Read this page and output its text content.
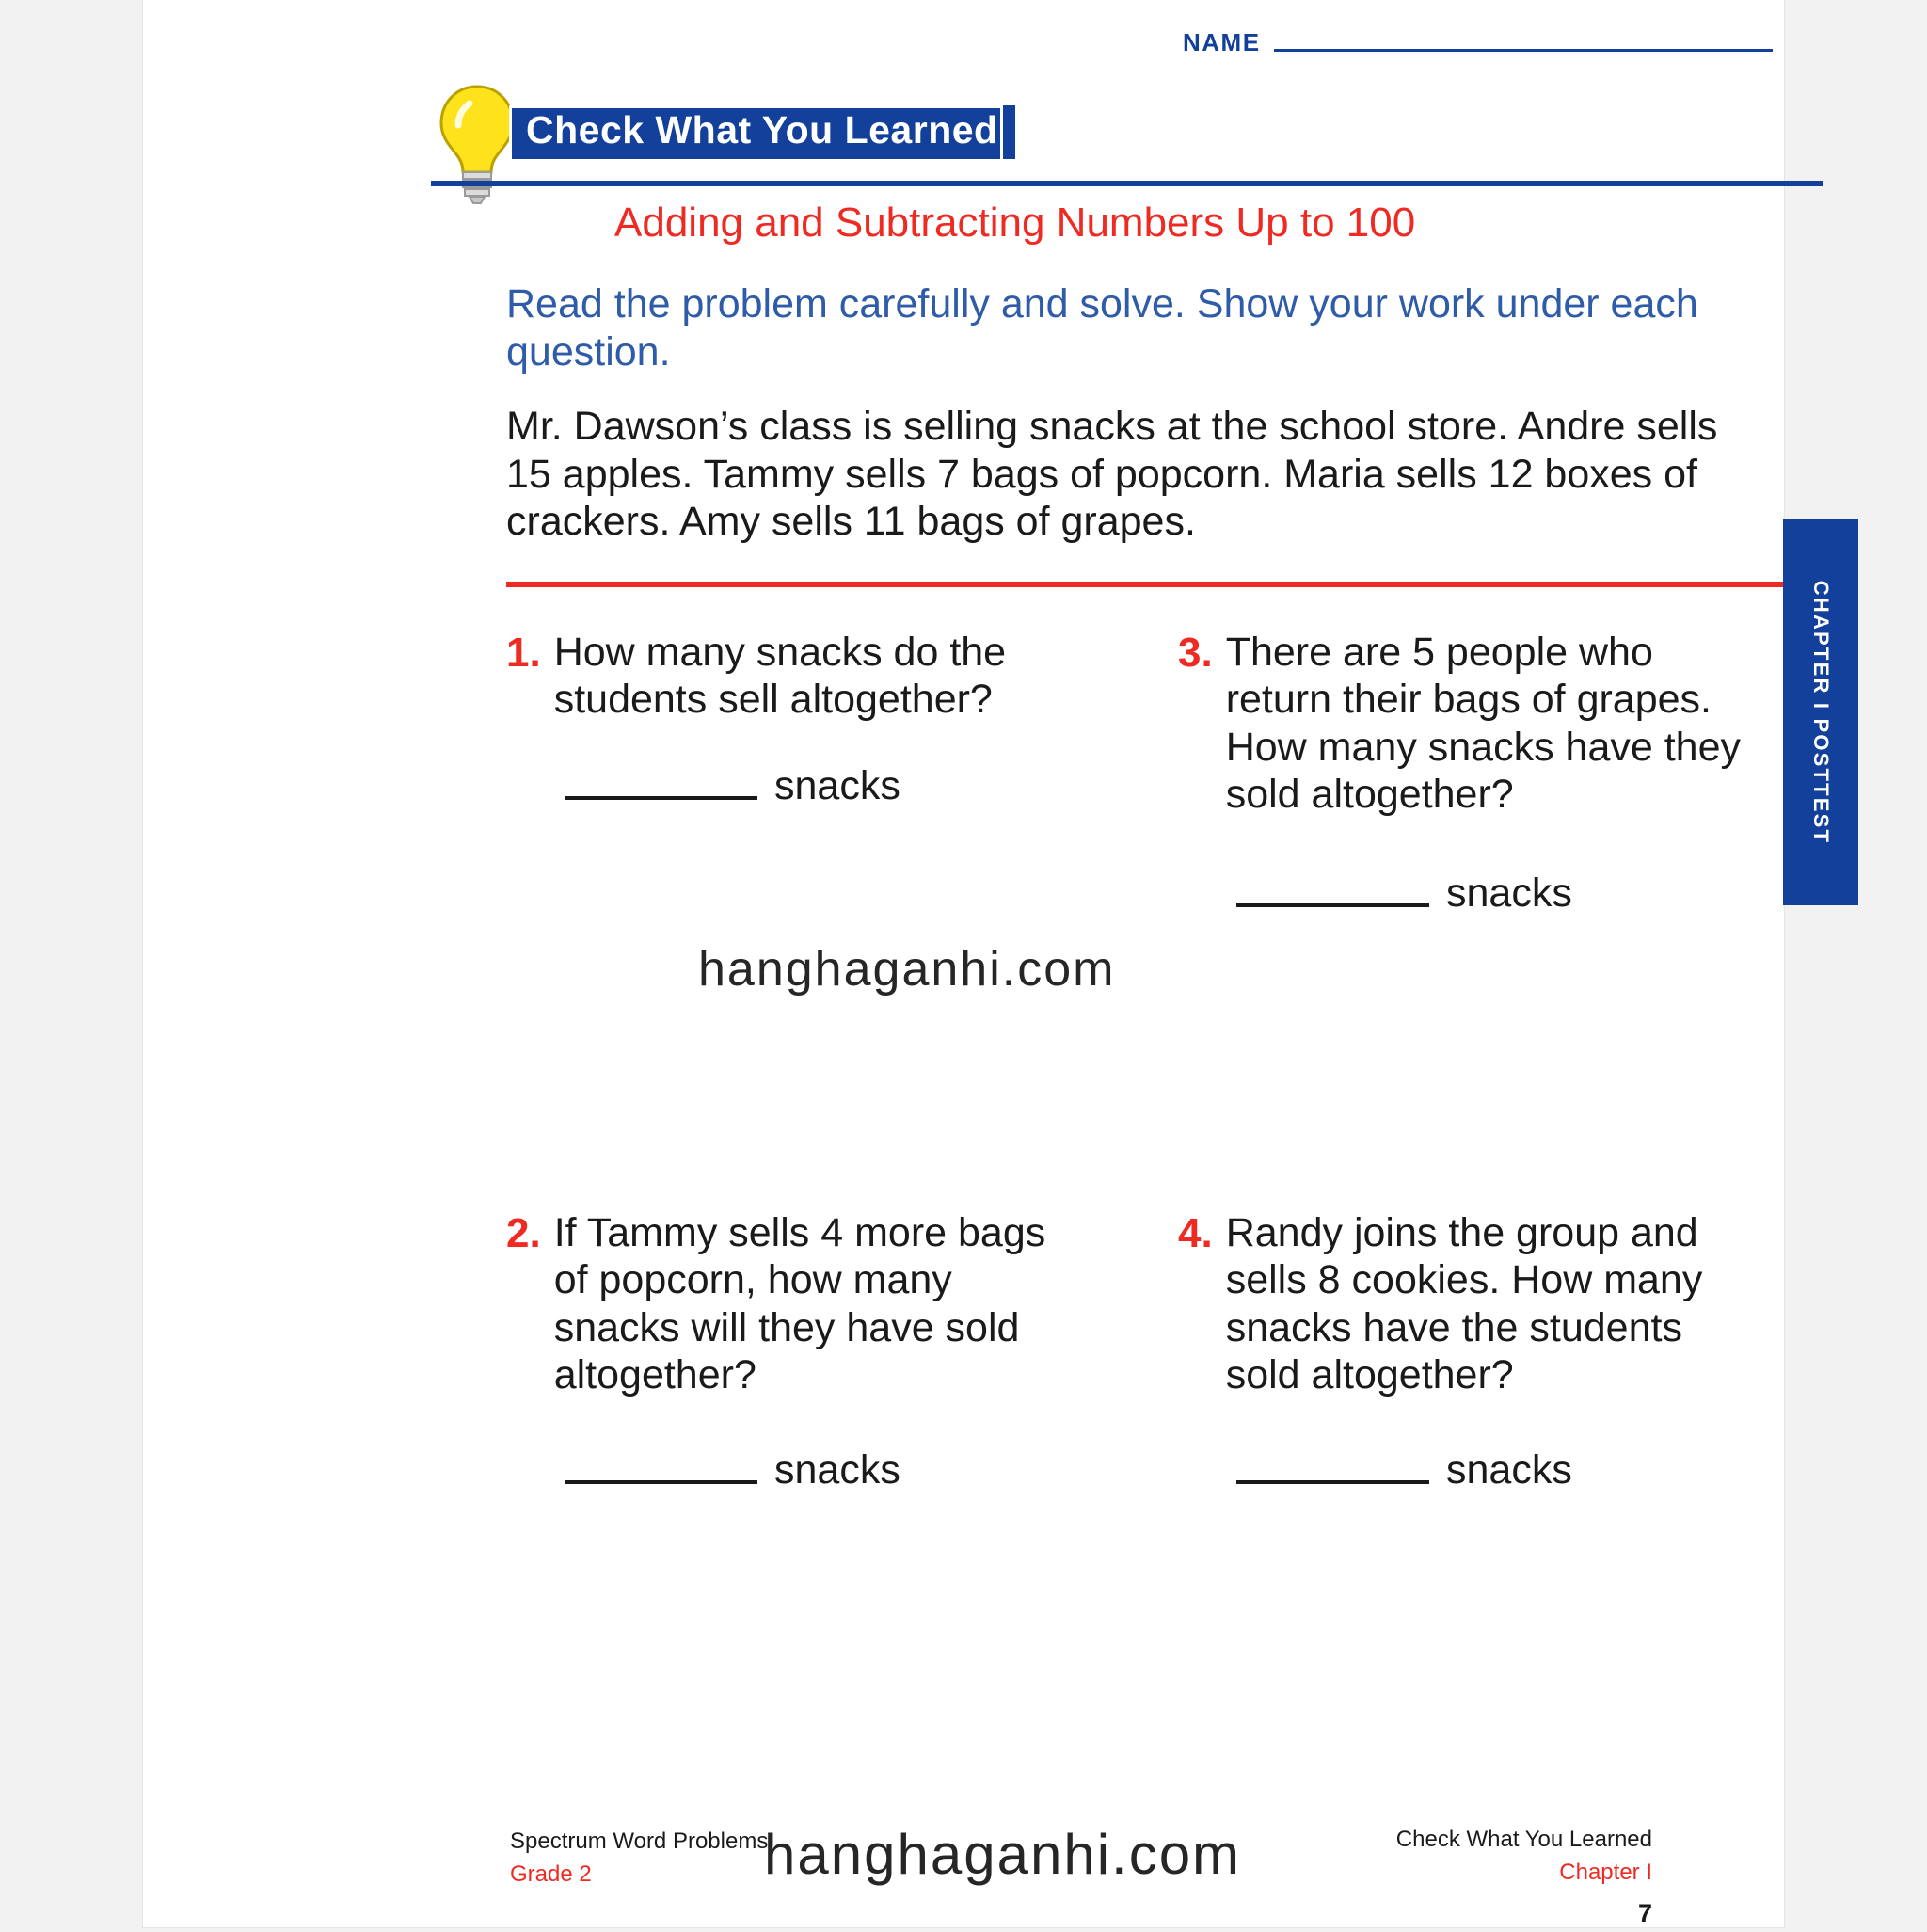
NAME
Check What You Learned
Adding and Subtracting Numbers Up to 100
Read the problem carefully and solve. Show your work under each question.
Mr. Dawson’s class is selling snacks at the school store. Andre sells 15 apples. Tammy sells 7 bags of popcorn. Maria sells 12 boxes of crackers. Amy sells 11 bags of grapes.
CHAPTER I POSTTEST
1. How many snacks do the students sell altogether?
snacks
2. If Tammy sells 4 more bags of popcorn, how many snacks will they have sold altogether?
snacks
3. There are 5 people who return their bags of grapes. How many snacks have they sold altogether?
snacks
4. Randy joins the group and sells 8 cookies. How many snacks have the students sold altogether?
snacks
Spectrum Word Problems
Grade 2
Check What You Learned
Chapter I
7
hanghaganhi.com
hanghaganhi.com
